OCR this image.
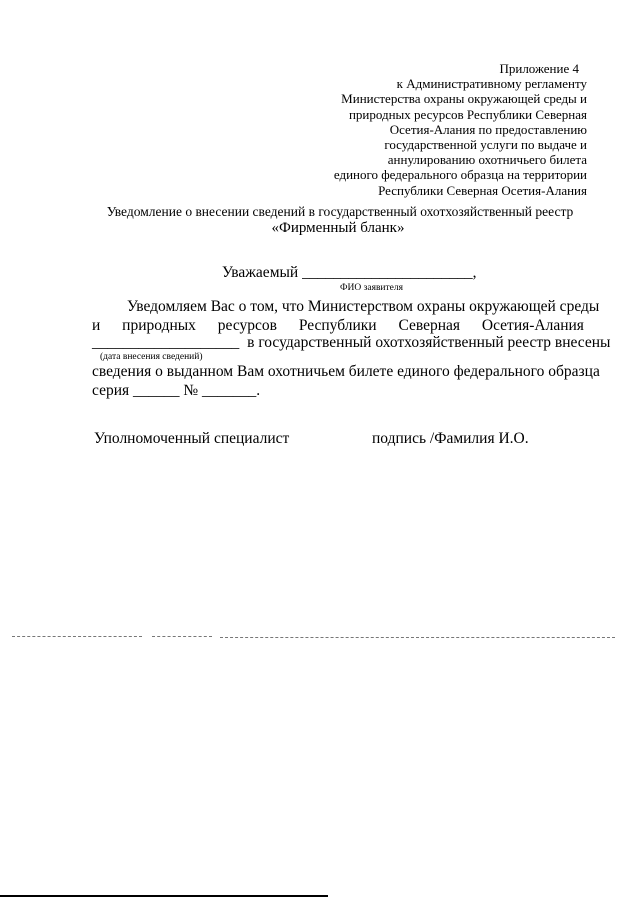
Приложение 4
к Административному регламенту
Министерства охраны окружающей среды и
природных ресурсов Республики Северная
Осетия-Алания по предоставлению
государственной услуги по выдаче и
аннулированию охотничьего билета
единого федерального образца на территории
Республики Северная Осетия-Алания
Уведомление о внесении сведений в государственный охотхозяйственный реестр
«Фирменный бланк»
Уважаемый ______________________,
ФИО заявителя
Уведомляем Вас о том, что Министерством охраны окружающей среды
и природных ресурсов Республики Северная Осетия-Алания
___________________ в государственный охотхозяйственный реестр внесены
(дата внесения сведений)
сведения о выданном Вам охотничьем билете единого федерального образца
серия ______ № _______.
Уполномоченный специалист	подпись /Фамилия И.О.
